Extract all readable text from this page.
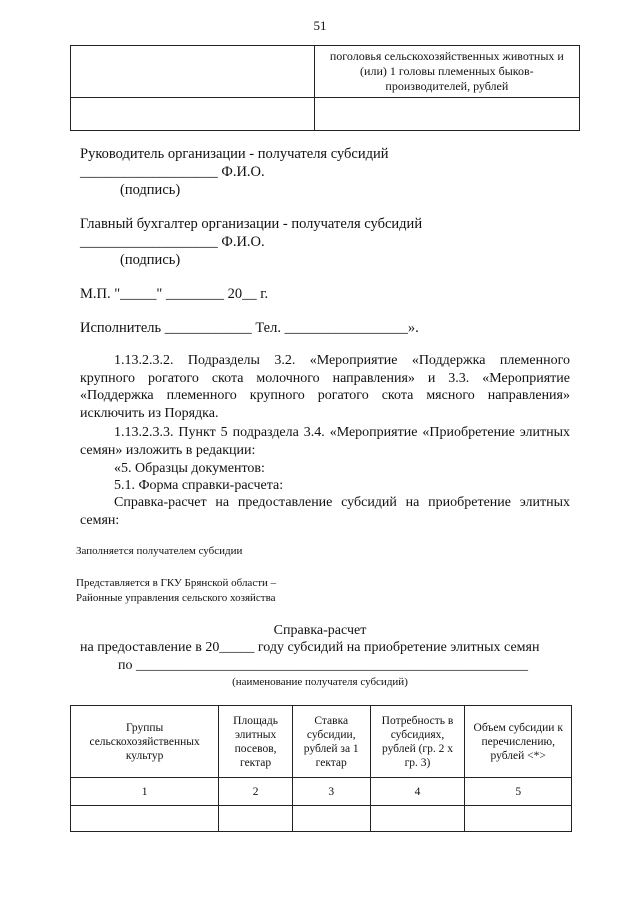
51
	поголовья сельскохозяйственных животных и (или) 1 головы племенных быков-производителей, рублей

Руководитель организации - получателя субсидий
___________________ Ф.И.О.
(подпись)
Главный бухгалтер организации - получателя субсидий
___________________ Ф.И.О.
(подпись)
М.П. "_____" ________ 20__ г.
Исполнитель ____________ Тел. _________________».
1.13.2.3.2. Подразделы 3.2. «Мероприятие «Поддержка племенного крупного рогатого скота молочного направления» и 3.3. «Мероприятие «Поддержка племенного крупного рогатого скота мясного направления» исключить из Порядка.
1.13.2.3.3. Пункт 5 подраздела 3.4. «Мероприятие «Приобретение элитных семян» изложить в редакции:
«5. Образцы документов:
5.1. Форма справки-расчета:
Справка-расчет на предоставление субсидий на приобретение элитных семян:
Заполняется получателем субсидии
Представляется в ГКУ Брянской области –
Районные управления сельского хозяйства
Справка-расчет
на предоставление в 20_____ году субсидий на приобретение элитных семян
по ________________________________________________________
(наименование получателя субсидий)
Группы сельскохозяйственных культур	Площадь элитных посевов, гектар	Ставка субсидии, рублей за 1 гектар	Потребность в субсидиях, рублей (гр. 2 х гр. 3)	Объем субсидии к перечислению, рублей <*>
1	2	3	4	5
